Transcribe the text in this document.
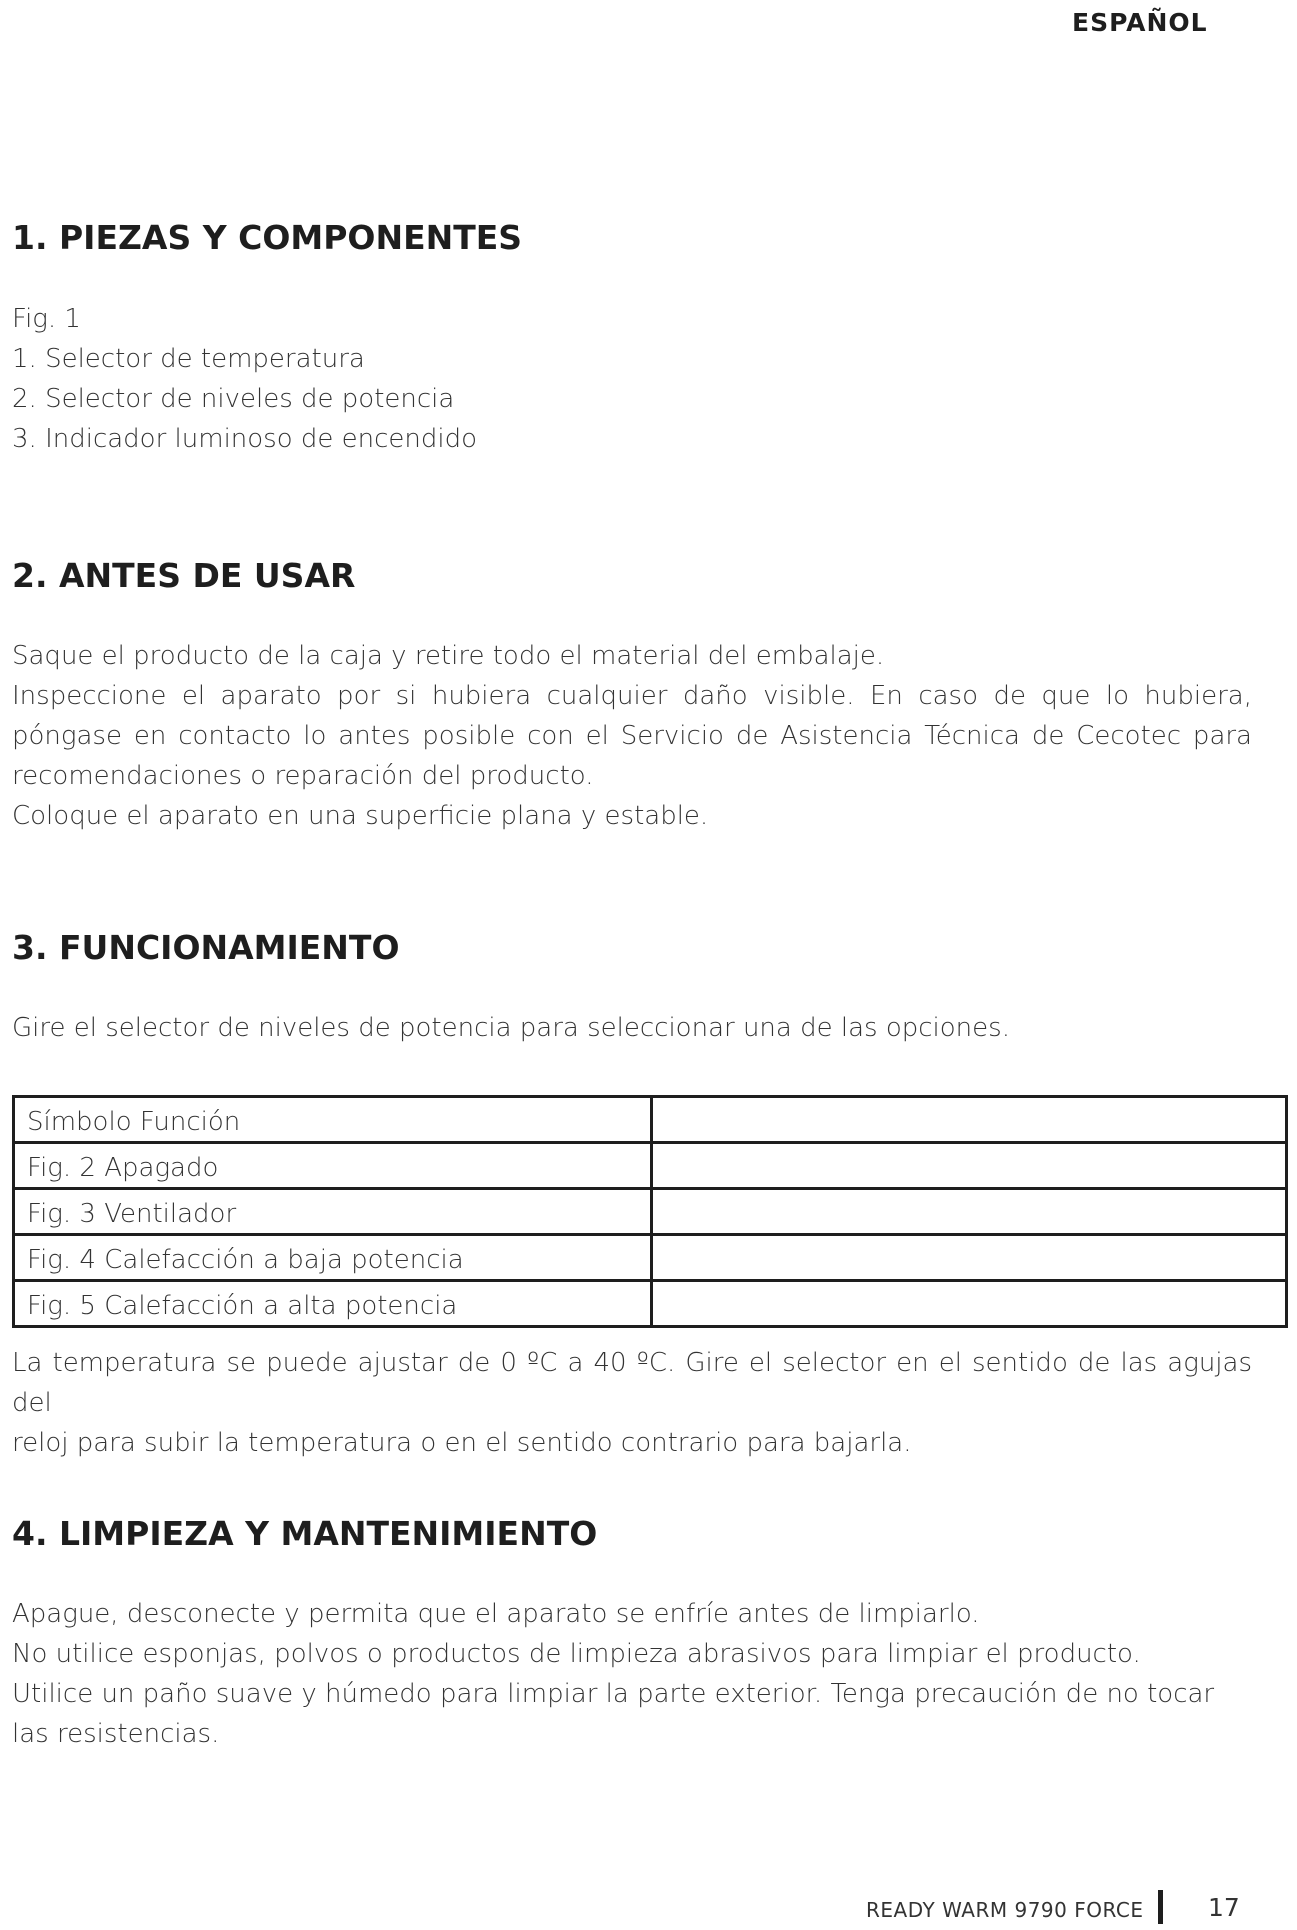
ESPAÑOL
1. PIEZAS Y COMPONENTES

Fig. 1

1. Selector de temperatura

2. Selector de niveles de potencia

3. Indicador luminoso de encendido

2. ANTES DE USAR

Saque el producto de la caja y retire todo el material del embalaje.

Inspeccione el aparato por si hubiera cualquier daño visible. En caso de que lo hubiera,

póngase en contacto lo antes posible con el Servicio de Asistencia Técnica de Cecotec para

recomendaciones o reparación del producto.

Coloque el aparato en una superficie plana y estable.

3. FUNCIONAMIENTO

Gire el selector de niveles de potencia para seleccionar una de las opciones.

Símbolo Función	
Fig. 2 Apagado	
Fig. 3 Ventilador	
Fig. 4 Calefacción a baja potencia	
Fig. 5 Calefacción a alta potencia	

La temperatura se puede ajustar de 0 ºC a 40 ºC. Gire el selector en el sentido de las agujas del

reloj para subir la temperatura o en el sentido contrario para bajarla.

4. LIMPIEZA Y MANTENIMIENTO

Apague, desconecte y permita que el aparato se enfríe antes de limpiarlo.

No utilice esponjas, polvos o productos de limpieza abrasivos para limpiar el producto.

Utilice un paño suave y húmedo para limpiar la parte exterior. Tenga precaución de no tocar

las resistencias.

READY WARM 9790 FORCE	17
